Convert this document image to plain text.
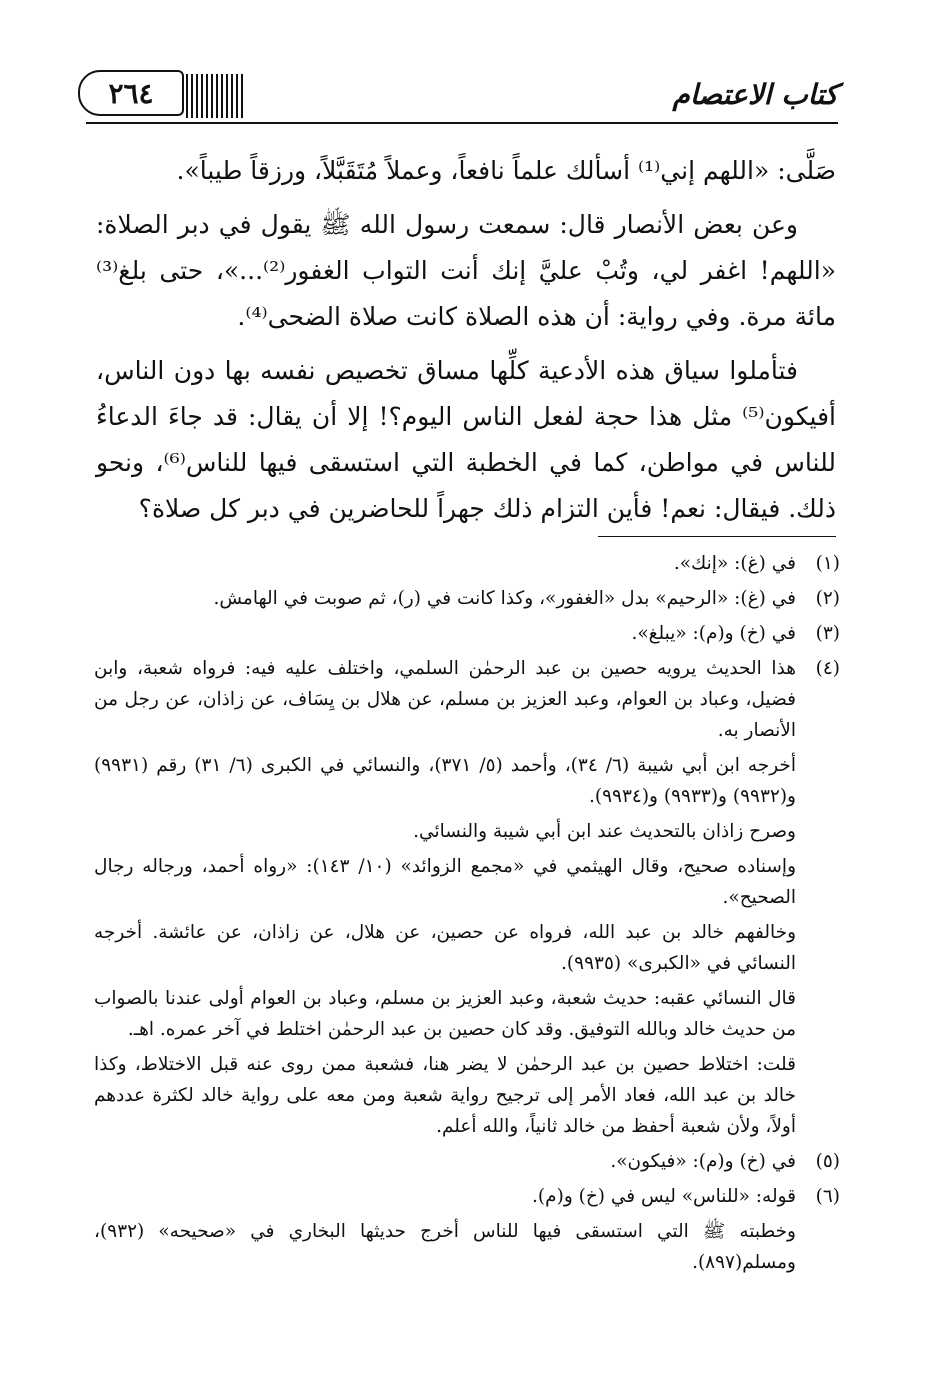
كتاب الاعتصام
٢٦٤

صَلَّى: «اللهم إني⁽¹⁾ أسألك علماً نافعاً، وعملاً مُتَقَبَّلاً، ورزقاً طيباً».

وعن بعض الأنصار قال: سمعت رسول الله ﷺ يقول في دبر الصلاة: «اللهم! اغفر لي، وتُبْ عليَّ إنك أنت التواب الغفور⁽²⁾...»، حتى بلغ⁽³⁾ مائة مرة. وفي رواية: أن هذه الصلاة كانت صلاة الضحى⁽⁴⁾.

فتأملوا سياق هذه الأدعية كلِّها مساق تخصيص نفسه بها دون الناس، أفيكون⁽⁵⁾ مثل هذا حجة لفعل الناس اليوم؟! إلا أن يقال: قد جاءَ الدعاءُ للناس في مواطن، كما في الخطبة التي استسقى فيها للناس⁽⁶⁾، ونحو ذلك. فيقال: نعم! فأين التزام ذلك جهراً للحاضرين في دبر كل صلاة؟

(١)

في (غ): «إنك».

(٢)

في (غ): «الرحيم» بدل «الغفور»، وكذا كانت في (ر)، ثم صوبت في الهامش.

(٣)

في (خ) و(م): «يبلغ».

(٤)

هذا الحديث يرويه حصين بن عبد الرحمٰن السلمي، واختلف عليه فيه: فرواه شعبة، وابن فضيل، وعباد بن العوام، وعبد العزيز بن مسلم، عن هلال بن يِسَاف، عن زاذان، عن رجل من الأنصار به.

أخرجه ابن أبي شيبة (٦/ ٣٤)، وأحمد (٥/ ٣٧١)، والنسائي في الكبرى (٦/ ٣١) رقم (٩٩٣١) و(٩٩٣٢) و(٩٩٣٣) و(٩٩٣٤).

وصرح زاذان بالتحديث عند ابن أبي شيبة والنسائي.

وإسناده صحيح، وقال الهيثمي في «مجمع الزوائد» (١٠/ ١٤٣): «رواه أحمد، ورجاله رجال الصحيح».

وخالفهم خالد بن عبد الله، فرواه عن حصين، عن هلال، عن زاذان، عن عائشة. أخرجه النسائي في «الكبرى» (٩٩٣٥).

قال النسائي عقبه: حديث شعبة، وعبد العزيز بن مسلم، وعباد بن العوام أولى عندنا بالصواب من حديث خالد وبالله التوفيق. وقد كان حصين بن عبد الرحمٰن اختلط في آخر عمره. اهـ.

قلت: اختلاط حصين بن عبد الرحمٰن لا يضر هنا، فشعبة ممن روى عنه قبل الاختلاط، وكذا خالد بن عبد الله، فعاد الأمر إلى ترجيح رواية شعبة ومن معه على رواية خالد لكثرة عددهم أولاً، ولأن شعبة أحفظ من خالد ثانياً، والله أعلم.

(٥)

في (خ) و(م): «فيكون».

(٦)

قوله: «للناس» ليس في (خ) و(م).

وخطبته ﷺ التي استسقى فيها للناس أخرج حديثها البخاري في «صحيحه» (٩٣٢)، ومسلم(٨٩٧).
